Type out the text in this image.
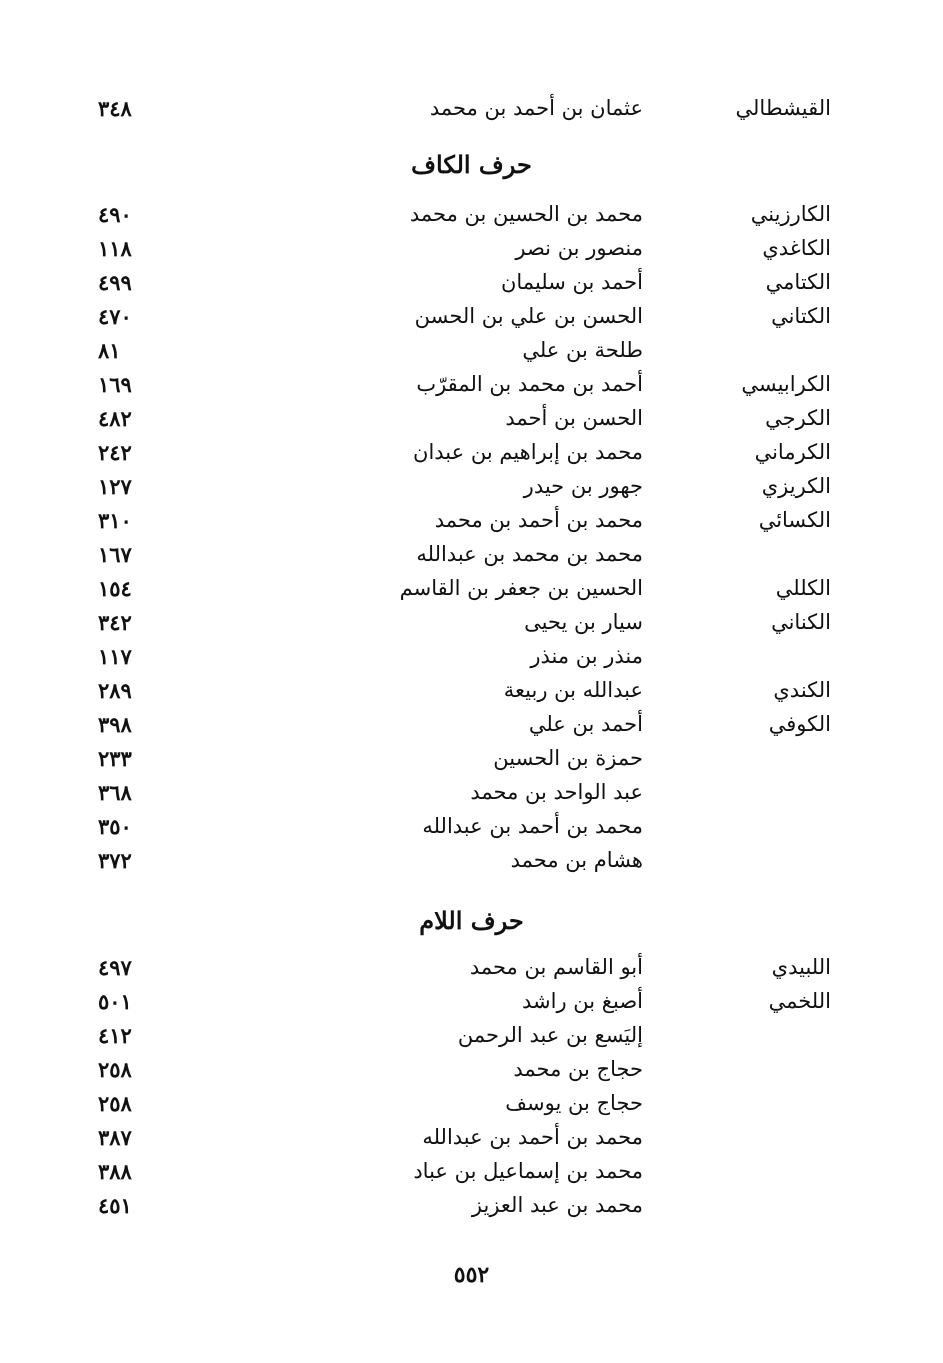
القيشطالي
عثمان بن أحمد بن محمد
٣٤٨
حرف الكاف
الكارزيني
محمد بن الحسين بن محمد
٤٩٠
الكاغدي
منصور بن نصر
١١٨
الكتامي
أحمد بن سليمان
٤٩٩
الكتاني
الحسن بن علي بن الحسن
٤٧٠
طلحة بن علي
٨١
الكرابيسي
أحمد بن محمد بن المقرّب
١٦٩
الكرجي
الحسن بن أحمد
٤٨٢
الكرماني
محمد بن إبراهيم بن عبدان
٢٤٢
الكريزي
جهور بن حيدر
١٢٧
الكسائي
محمد بن أحمد بن محمد
٣١٠
محمد بن محمد بن عبدالله
١٦٧
الكللي
الحسين بن جعفر بن القاسم
١٥٤
الكناني
سيار بن يحيى
٣٤٢
منذر بن منذر
١١٧
الكندي
عبدالله بن ربيعة
٢٨٩
الكوفي
أحمد بن علي
٣٩٨
حمزة بن الحسين
٢٣٣
عبد الواحد بن محمد
٣٦٨
محمد بن أحمد بن عبدالله
٣٥٠
هشام بن محمد
٣٧٢
حرف اللام
اللبيدي
أبو القاسم بن محمد
٤٩٧
اللخمي
أصبغ بن راشد
٥٠١
إليَسع بن عبد الرحمن
٤١٢
حجاج بن محمد
٢٥٨
حجاج بن يوسف
٢٥٨
محمد بن أحمد بن عبدالله
٣٨٧
محمد بن إسماعيل بن عباد
٣٨٨
محمد بن عبد العزيز
٤٥١
٥٥٢
